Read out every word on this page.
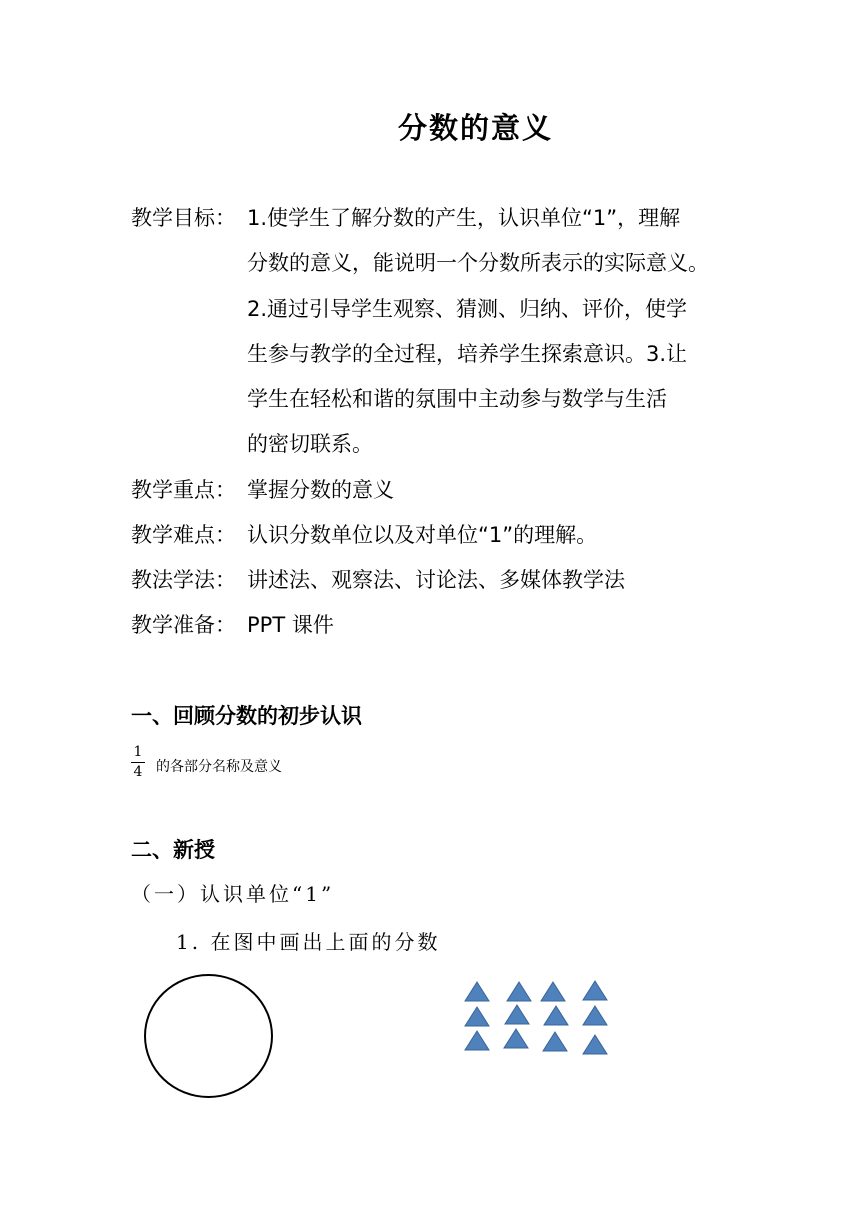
分数的意义
教学目标： 1.使学生了解分数的产生，认识单位“1”，理解
分数的意义，能说明一个分数所表示的实际意义。
2.通过引导学生观察、猜测、归纳、评价，使学
生参与教学的全过程，培养学生探索意识。3.让
学生在轻松和谐的氛围中主动参与数学与生活
的密切联系。
教学重点： 掌握分数的意义
教学难点： 认识分数单位以及对单位“1”的理解。
教法学法： 讲述法、观察法、讨论法、多媒体教学法
教学准备： PPT 课件
一、回顾分数的初步认识
1
4 的各部分名称及意义
二、新授
（一）认识单位“1”
1. 在图中画出上面的分数
